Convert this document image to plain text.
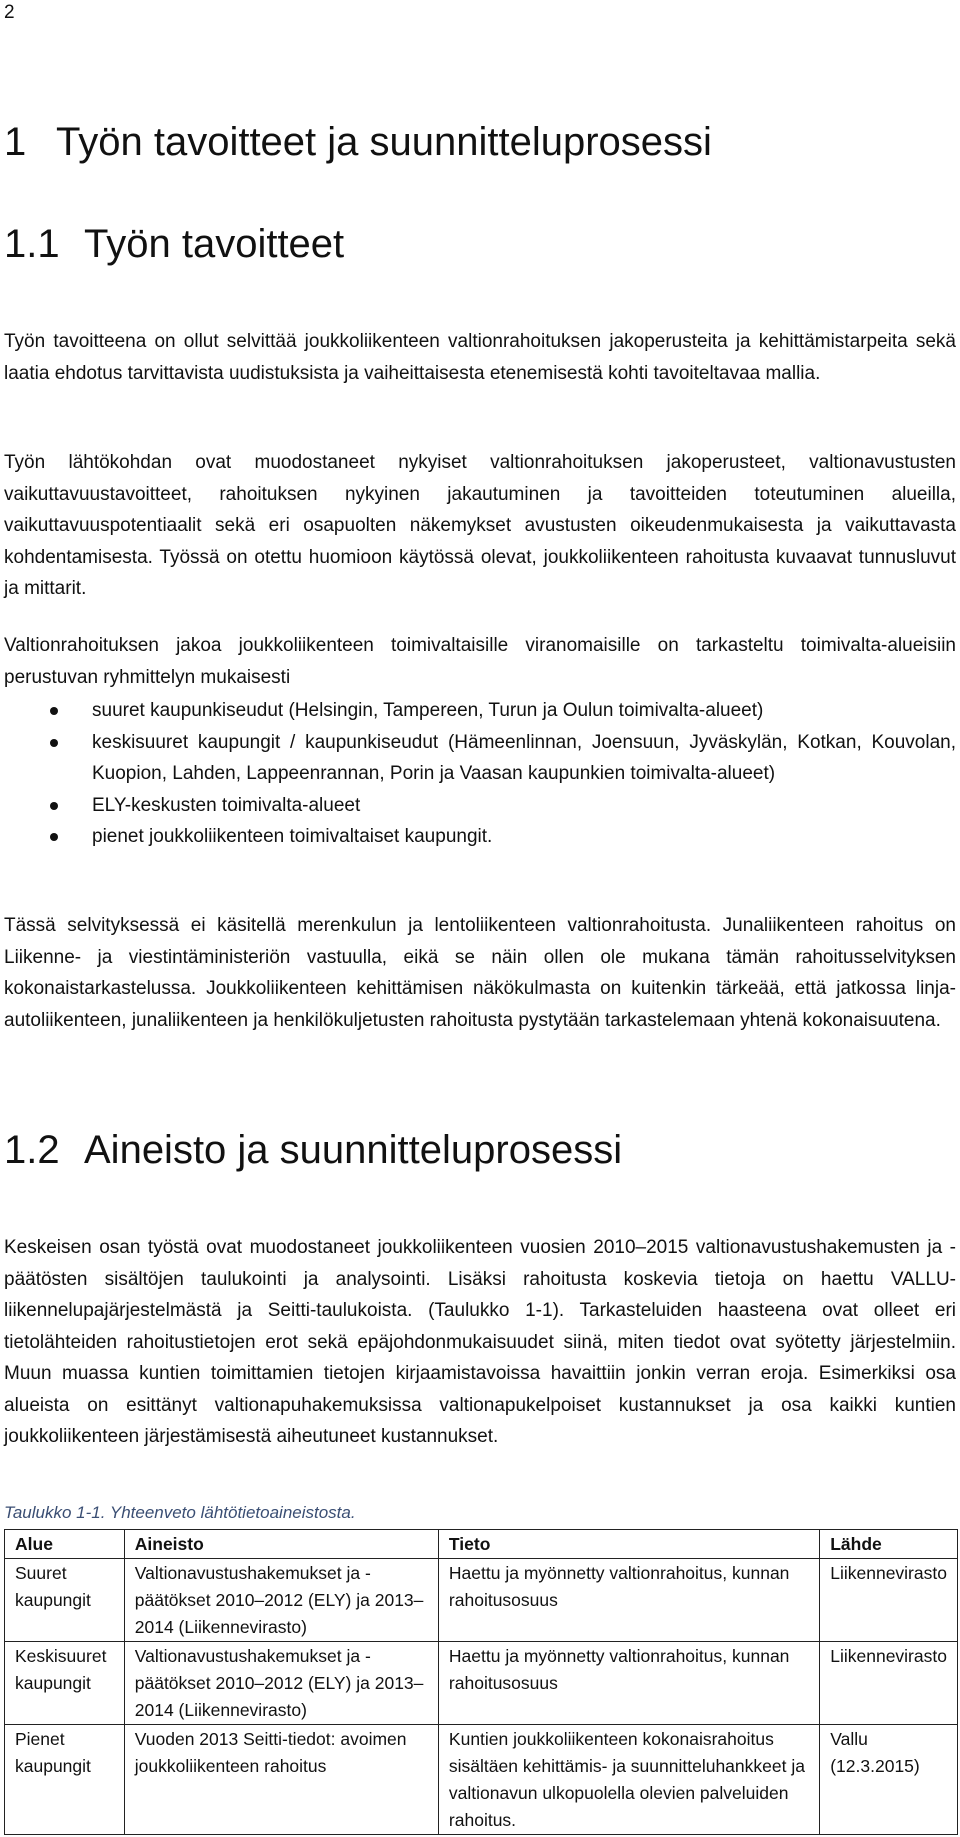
2
1 Työn tavoitteet ja suunnitteluprosessi
1.1 Työn tavoitteet

Työn tavoitteena on ollut selvittää joukkoliikenteen valtionrahoituksen jakoperusteita ja kehittämistarpeita sekä laatia ehdotus tarvittavista uudistuksista ja vaiheittaisesta etenemisestä kohti tavoiteltavaa mallia.

Työn lähtökohdan ovat muodostaneet nykyiset valtionrahoituksen jakoperusteet, valtionavustusten vaikuttavuustavoitteet, rahoituksen nykyinen jakautuminen ja tavoitteiden toteutuminen alueilla, vaikuttavuuspotentiaalit sekä eri osapuolten näkemykset avustusten oikeudenmukaisesta ja vaikuttavasta kohdentamisesta. Työssä on otettu huomioon käytössä olevat, joukkoliikenteen rahoitusta kuvaavat tunnusluvut ja mittarit.

Valtionrahoituksen jakoa joukkoliikenteen toimivaltaisille viranomaisille on tarkasteltu toimivalta-alueisiin perustuvan ryhmittelyn mukaisesti

suuret kaupunkiseudut (Helsingin, Tampereen, Turun ja Oulun toimivalta-alueet)
keskisuuret kaupungit / kaupunkiseudut (Hämeenlinnan, Joensuun, Jyväskylän, Kotkan, Kouvolan, Kuopion, Lahden, Lappeenrannan, Porin ja Vaasan kaupunkien toimivalta-alueet)
ELY-keskusten toimivalta-alueet
pienet joukkoliikenteen toimivaltaiset kaupungit.

Tässä selvityksessä ei käsitellä merenkulun ja lentoliikenteen valtionrahoitusta. Junaliikenteen rahoitus on Liikenne- ja viestintäministeriön vastuulla, eikä se näin ollen ole mukana tämän rahoitusselvityksen kokonaistarkastelussa. Joukkoliikenteen kehittämisen näkökulmasta on kuitenkin tärkeää, että jatkossa linja-autoliikenteen, junaliikenteen ja henkilökuljetusten rahoitusta pystytään tarkastelemaan yhtenä kokonaisuutena.

1.2 Aineisto ja suunnitteluprosessi

Keskeisen osan työstä ovat muodostaneet joukkoliikenteen vuosien 2010–2015 valtionavustushakemusten ja -päätösten sisältöjen taulukointi ja analysointi. Lisäksi rahoitusta koskevia tietoja on haettu VALLU-liikennelupajärjestelmästä ja Seitti-taulukoista. (Taulukko 1-1). Tarkasteluiden haasteena ovat olleet eri tietolähteiden rahoitustietojen erot sekä epäjohdonmukaisuudet siinä, miten tiedot ovat syötetty järjestelmiin. Muun muassa kuntien toimittamien tietojen kirjaamistavoissa havaittiin jonkin verran eroja. Esimerkiksi osa alueista on esittänyt valtionapuhakemuksissa valtionapukelpoiset kustannukset ja osa kaikki kuntien joukkoliikenteen järjestämisestä aiheutuneet kustannukset.

Taulukko 1-1. Yhteenveto lähtötietoaineistosta.
Alue	Aineisto	Tieto	Lähde
Suuret kaupungit	Valtionavustushakemukset ja -päätökset 2010–2012 (ELY) ja 2013–2014 (Liikennevirasto)	Haettu ja myönnetty valtionrahoitus, kunnan rahoitusosuus	Liikennevirasto
Keskisuuret kaupungit	Valtionavustushakemukset ja -päätökset 2010–2012 (ELY) ja 2013–2014 (Liikennevirasto)	Haettu ja myönnetty valtionrahoitus, kunnan rahoitusosuus	Liikennevirasto
Pienet kaupungit	Vuoden 2013 Seitti-tiedot: avoimen joukkoliikenteen rahoitus	Kuntien joukkoliikenteen kokonaisrahoitus sisältäen kehittämis- ja suunnitteluhankkeet ja valtionavun ulkopuolella olevien palveluiden rahoitus.	Vallu (12.3.2015)
